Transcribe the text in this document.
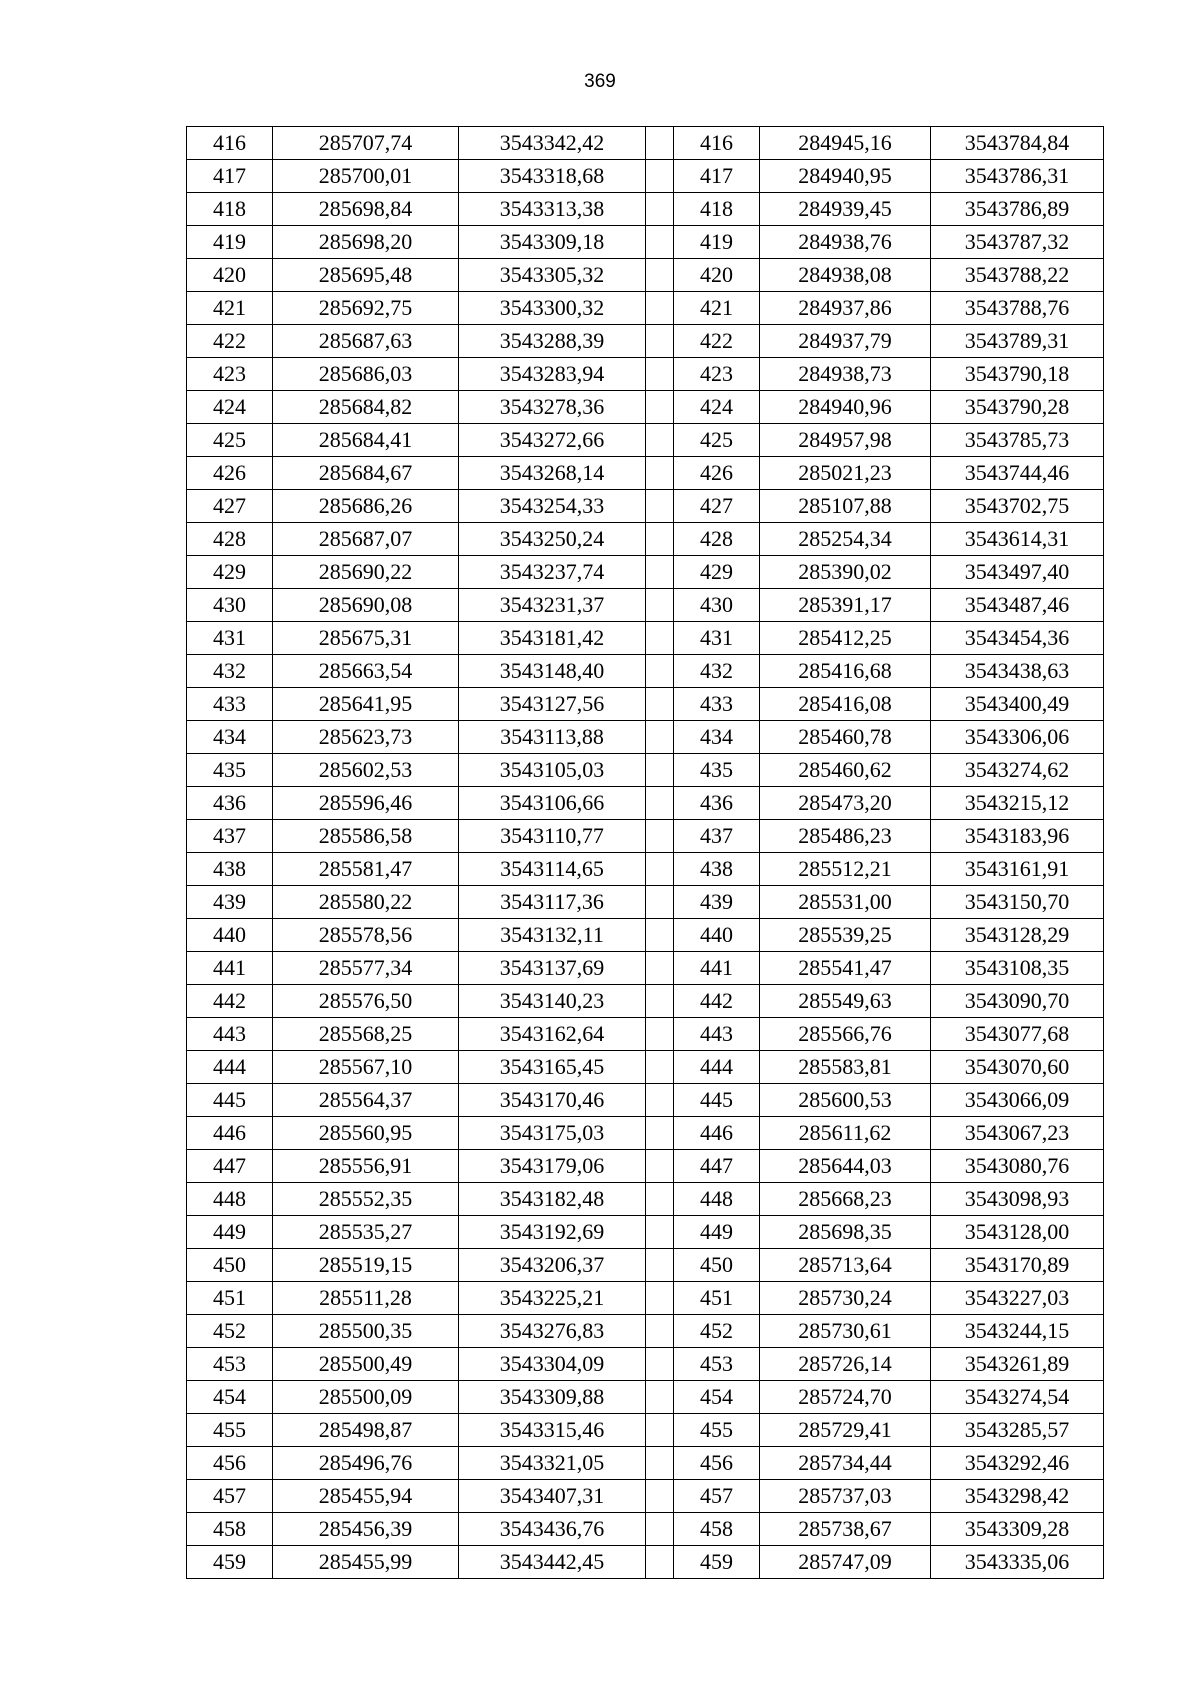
369
416	285707,74	3543342,42		416	284945,16	3543784,84
417	285700,01	3543318,68		417	284940,95	3543786,31
418	285698,84	3543313,38		418	284939,45	3543786,89
419	285698,20	3543309,18		419	284938,76	3543787,32
420	285695,48	3543305,32		420	284938,08	3543788,22
421	285692,75	3543300,32		421	284937,86	3543788,76
422	285687,63	3543288,39		422	284937,79	3543789,31
423	285686,03	3543283,94		423	284938,73	3543790,18
424	285684,82	3543278,36		424	284940,96	3543790,28
425	285684,41	3543272,66		425	284957,98	3543785,73
426	285684,67	3543268,14		426	285021,23	3543744,46
427	285686,26	3543254,33		427	285107,88	3543702,75
428	285687,07	3543250,24		428	285254,34	3543614,31
429	285690,22	3543237,74		429	285390,02	3543497,40
430	285690,08	3543231,37		430	285391,17	3543487,46
431	285675,31	3543181,42		431	285412,25	3543454,36
432	285663,54	3543148,40		432	285416,68	3543438,63
433	285641,95	3543127,56		433	285416,08	3543400,49
434	285623,73	3543113,88		434	285460,78	3543306,06
435	285602,53	3543105,03		435	285460,62	3543274,62
436	285596,46	3543106,66		436	285473,20	3543215,12
437	285586,58	3543110,77		437	285486,23	3543183,96
438	285581,47	3543114,65		438	285512,21	3543161,91
439	285580,22	3543117,36		439	285531,00	3543150,70
440	285578,56	3543132,11		440	285539,25	3543128,29
441	285577,34	3543137,69		441	285541,47	3543108,35
442	285576,50	3543140,23		442	285549,63	3543090,70
443	285568,25	3543162,64		443	285566,76	3543077,68
444	285567,10	3543165,45		444	285583,81	3543070,60
445	285564,37	3543170,46		445	285600,53	3543066,09
446	285560,95	3543175,03		446	285611,62	3543067,23
447	285556,91	3543179,06		447	285644,03	3543080,76
448	285552,35	3543182,48		448	285668,23	3543098,93
449	285535,27	3543192,69		449	285698,35	3543128,00
450	285519,15	3543206,37		450	285713,64	3543170,89
451	285511,28	3543225,21		451	285730,24	3543227,03
452	285500,35	3543276,83		452	285730,61	3543244,15
453	285500,49	3543304,09		453	285726,14	3543261,89
454	285500,09	3543309,88		454	285724,70	3543274,54
455	285498,87	3543315,46		455	285729,41	3543285,57
456	285496,76	3543321,05		456	285734,44	3543292,46
457	285455,94	3543407,31		457	285737,03	3543298,42
458	285456,39	3543436,76		458	285738,67	3543309,28
459	285455,99	3543442,45		459	285747,09	3543335,06
